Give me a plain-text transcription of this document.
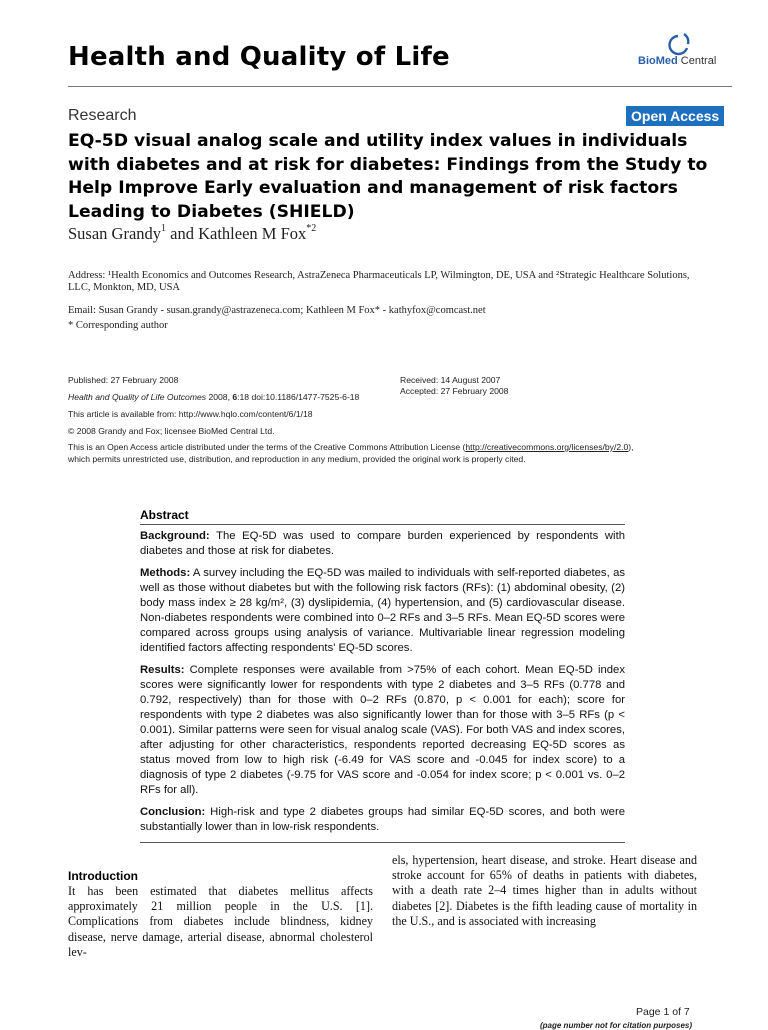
Health and Quality of Life	BioMed Central
Research	Open Access
EQ-5D visual analog scale and utility index values in individuals with diabetes and at risk for diabetes: Findings from the Study to Help Improve Early evaluation and management of risk factors Leading to Diabetes (SHIELD)
Susan Grandy$^1$ and Kathleen M Fox$^{*2}$
Address: ¹Health Economics and Outcomes Research, AstraZeneca Pharmaceuticals LP, Wilmington, DE, USA and ²Strategic Healthcare Solutions, LLC, Monkton, MD, USA
Email: Susan Grandy - susan.grandy@astrazeneca.com; Kathleen M Fox* - kathyfox@comcast.net
* Corresponding author
Published: 27 February 2008
Health and Quality of Life Outcomes 2008, 6:18 doi:10.1186/1477-7525-6-18
Received: 14 August 2007
Accepted: 27 February 2008
This article is available from: http://www.hqlo.com/content/6/1/18
© 2008 Grandy and Fox; licensee BioMed Central Ltd.
This is an Open Access article distributed under the terms of the Creative Commons Attribution License (http://creativecommons.org/licenses/by/2.0),
which permits unrestricted use, distribution, and reproduction in any medium, provided the original work is properly cited.
Abstract

Background: The EQ-5D was used to compare burden experienced by respondents with diabetes and those at risk for diabetes.

Methods: A survey including the EQ-5D was mailed to individuals with self-reported diabetes, as well as those without diabetes but with the following risk factors (RFs): (1) abdominal obesity, (2) body mass index ≥ 28 kg/m², (3) dyslipidemia, (4) hypertension, and (5) cardiovascular disease. Non-diabetes respondents were combined into 0–2 RFs and 3–5 RFs. Mean EQ-5D scores were compared across groups using analysis of variance. Multivariable linear regression modeling identified factors affecting respondents' EQ-5D scores.

Results: Complete responses were available from >75% of each cohort. Mean EQ-5D index scores were significantly lower for respondents with type 2 diabetes and 3–5 RFs (0.778 and 0.792, respectively) than for those with 0–2 RFs (0.870, p < 0.001 for each); score for respondents with type 2 diabetes was also significantly lower than for those with 3–5 RFs (p < 0.001). Similar patterns were seen for visual analog scale (VAS). For both VAS and index scores, after adjusting for other characteristics, respondents reported decreasing EQ-5D scores as status moved from low to high risk (-6.49 for VAS score and -0.045 for index score) to a diagnosis of type 2 diabetes (-9.75 for VAS score and -0.054 for index score; p < 0.001 vs. 0–2 RFs for all).

Conclusion: High-risk and type 2 diabetes groups had similar EQ-5D scores, and both were substantially lower than in low-risk respondents.

Introduction
It has been estimated that diabetes mellitus affects approximately 21 million people in the U.S. [1]. Complications from diabetes include blindness, kidney disease, nerve damage, arterial disease, abnormal cholesterol lev-
els, hypertension, heart disease, and stroke. Heart disease and stroke account for 65% of deaths in patients with diabetes, with a death rate 2–4 times higher than in adults without diabetes [2]. Diabetes is the fifth leading cause of mortality in the U.S., and is associated with increasing
Page 1 of 7
(page number not for citation purposes)
